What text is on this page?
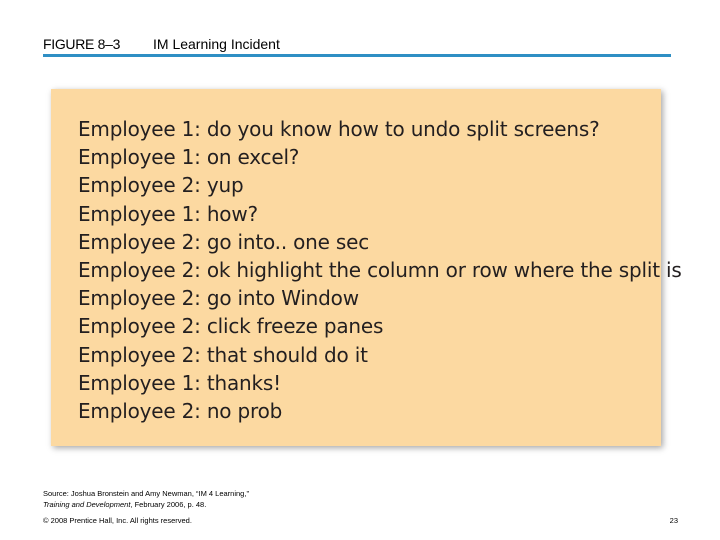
FIGURE 8–3 IM Learning Incident
Employee 1: do you know how to undo split screens?
Employee 1: on excel?
Employee 2: yup
Employee 1: how?
Employee 2: go into.. one sec
Employee 2: ok highlight the column or row where the split is
Employee 2: go into Window
Employee 2: click freeze panes
Employee 2: that should do it
Employee 1: thanks!
Employee 2: no prob
Source: Joshua Bronstein and Amy Newman, “IM 4 Learning,”
Training and Development, February 2006, p. 48.
© 2008 Prentice Hall, Inc. All rights reserved.	23
